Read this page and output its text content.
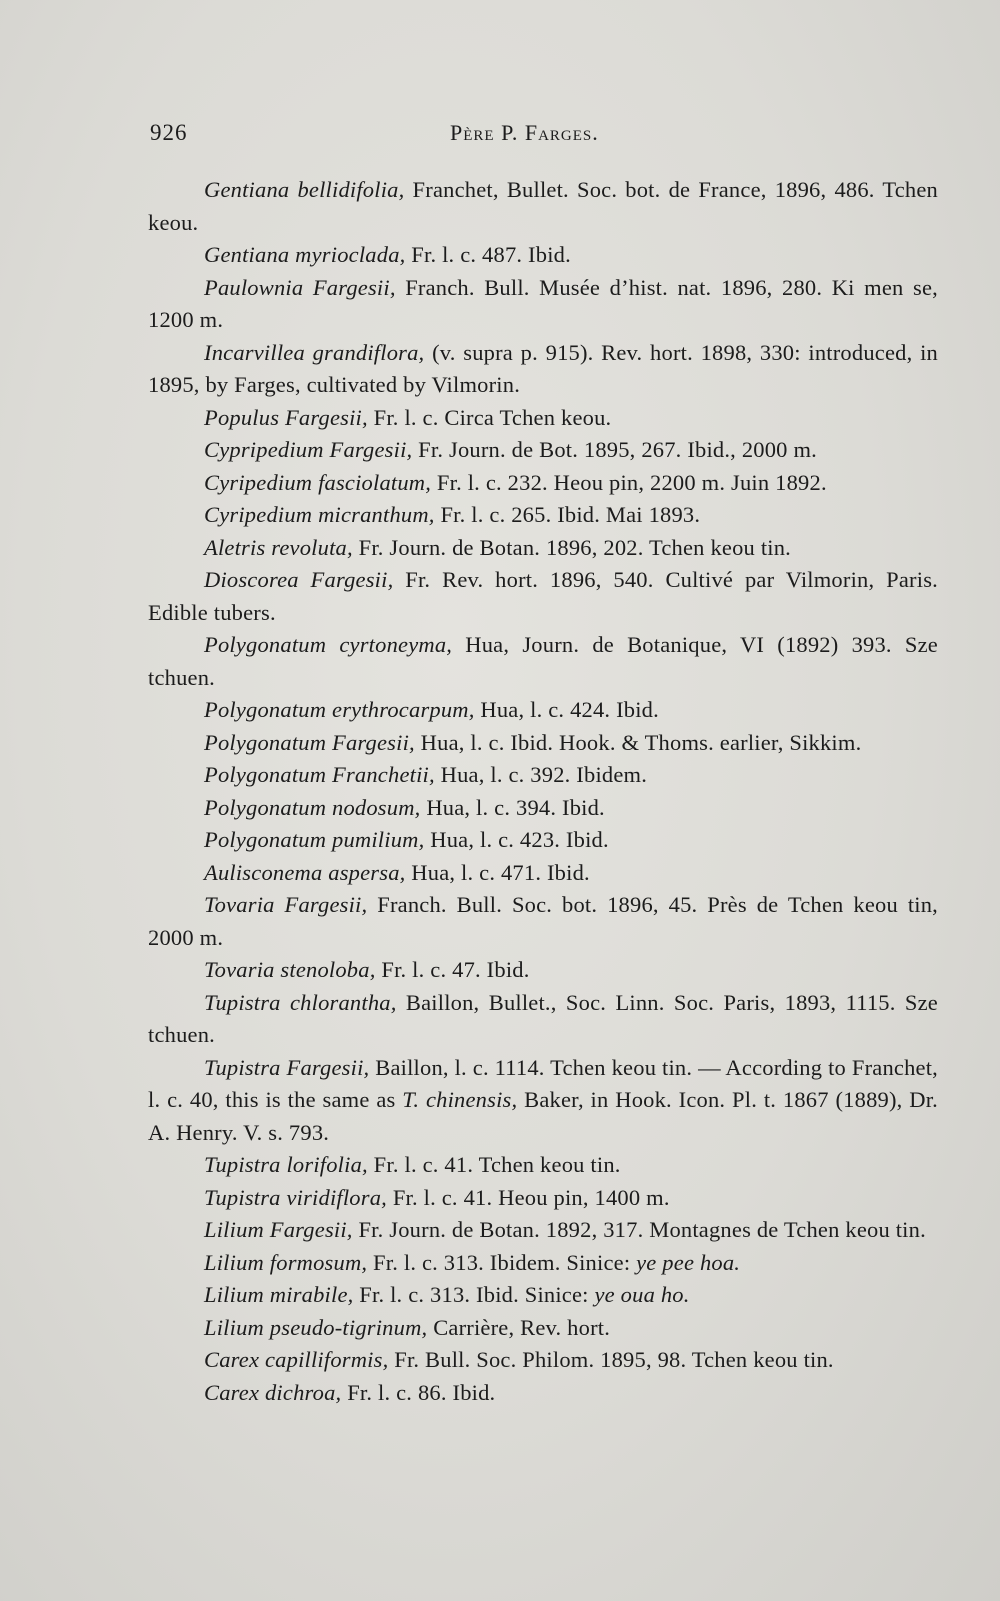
926	Père P. Farges.

Gentiana bellidifolia, Franchet, Bullet. Soc. bot. de France, 1896, 486. Tchen keou.

Gentiana myrioclada, Fr. l. c. 487. Ibid.

Paulownia Fargesii, Franch. Bull. Musée d’hist. nat. 1896, 280. Ki men se, 1200 m.

Incarvillea grandiflora, (v. supra p. 915). Rev. hort. 1898, 330: introduced, in 1895, by Farges, cultivated by Vilmorin.

Populus Fargesii, Fr. l. c. Circa Tchen keou.

Cypripedium Fargesii, Fr. Journ. de Bot. 1895, 267. Ibid., 2000 m.

Cyripedium fasciolatum, Fr. l. c. 232. Heou pin, 2200 m. Juin 1892.

Cyripedium micranthum, Fr. l. c. 265. Ibid. Mai 1893.

Aletris revoluta, Fr. Journ. de Botan. 1896, 202. Tchen keou tin.

Dioscorea Fargesii, Fr. Rev. hort. 1896, 540. Cultivé par Vilmorin, Paris. Edible tubers.

Polygonatum cyrtoneyma, Hua, Journ. de Botanique, VI (1892) 393. Sze tchuen.

Polygonatum erythrocarpum, Hua, l. c. 424. Ibid.

Polygonatum Fargesii, Hua, l. c. Ibid. Hook. & Thoms. earlier, Sikkim.

Polygonatum Franchetii, Hua, l. c. 392. Ibidem.

Polygonatum nodosum, Hua, l. c. 394. Ibid.

Polygonatum pumilium, Hua, l. c. 423. Ibid.

Aulisconema aspersa, Hua, l. c. 471. Ibid.

Tovaria Fargesii, Franch. Bull. Soc. bot. 1896, 45. Près de Tchen keou tin, 2000 m.

Tovaria stenoloba, Fr. l. c. 47. Ibid.

Tupistra chlorantha, Baillon, Bullet., Soc. Linn. Soc. Paris, 1893, 1115. Sze tchuen.

Tupistra Fargesii, Baillon, l. c. 1114. Tchen keou tin. — According to Franchet, l. c. 40, this is the same as T. chinensis, Baker, in Hook. Icon. Pl. t. 1867 (1889), Dr. A. Henry. V. s. 793.

Tupistra lorifolia, Fr. l. c. 41. Tchen keou tin.

Tupistra viridiflora, Fr. l. c. 41. Heou pin, 1400 m.

Lilium Fargesii, Fr. Journ. de Botan. 1892, 317. Montagnes de Tchen keou tin.

Lilium formosum, Fr. l. c. 313. Ibidem. Sinice: ye pee hoa.

Lilium mirabile, Fr. l. c. 313. Ibid. Sinice: ye oua ho.

Lilium pseudo-tigrinum, Carrière, Rev. hort.

Carex capilliformis, Fr. Bull. Soc. Philom. 1895, 98. Tchen keou tin.

Carex dichroa, Fr. l. c. 86. Ibid.
